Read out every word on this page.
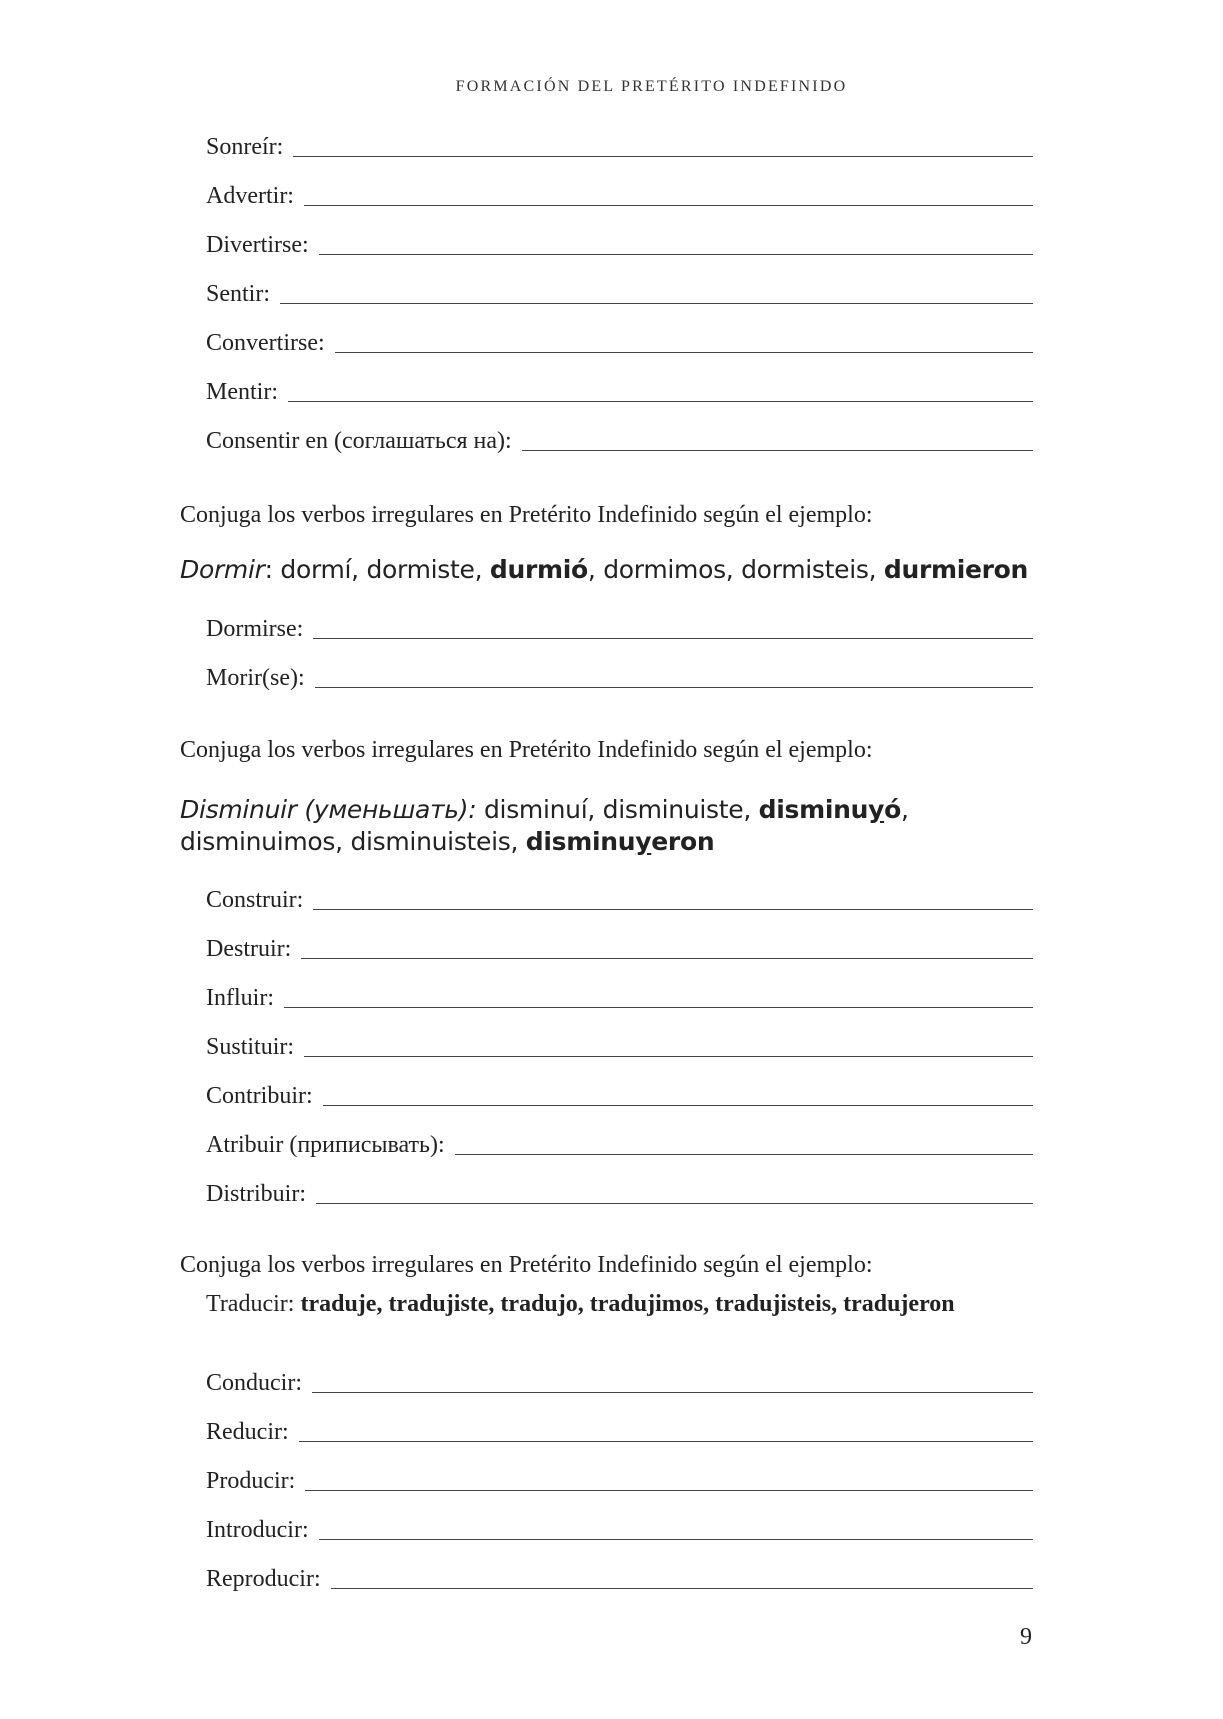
FORMACIÓN DEL PRETÉRITO INDEFINIDO
Sonreír:
Advertir:
Divertirse:
Sentir:
Convertirse:
Mentir:
Consentir en (соглашаться на):
Conjuga los verbos irregulares en Pretérito Indefinido según el ejemplo:
Dormir: dormí, dormiste, durmió, dormimos, dormisteis, durmieron
Dormirse:
Morir(se):
Conjuga los verbos irregulares en Pretérito Indefinido según el ejemplo:
Disminuir (уменьшать): disminuí, disminuiste, disminuyó,
disminuimos, disminuisteis, disminuyeron
Construir:
Destruir:
Influir:
Sustituir:
Contribuir:
Atribuir (приписывать):
Distribuir:
Conjuga los verbos irregulares en Pretérito Indefinido según el ejemplo:
Traducir: traduje, tradujiste, tradujo, tradujimos, tradujisteis, tradujeron
Conducir:
Reducir:
Producir:
Introducir:
Reproducir:
9
